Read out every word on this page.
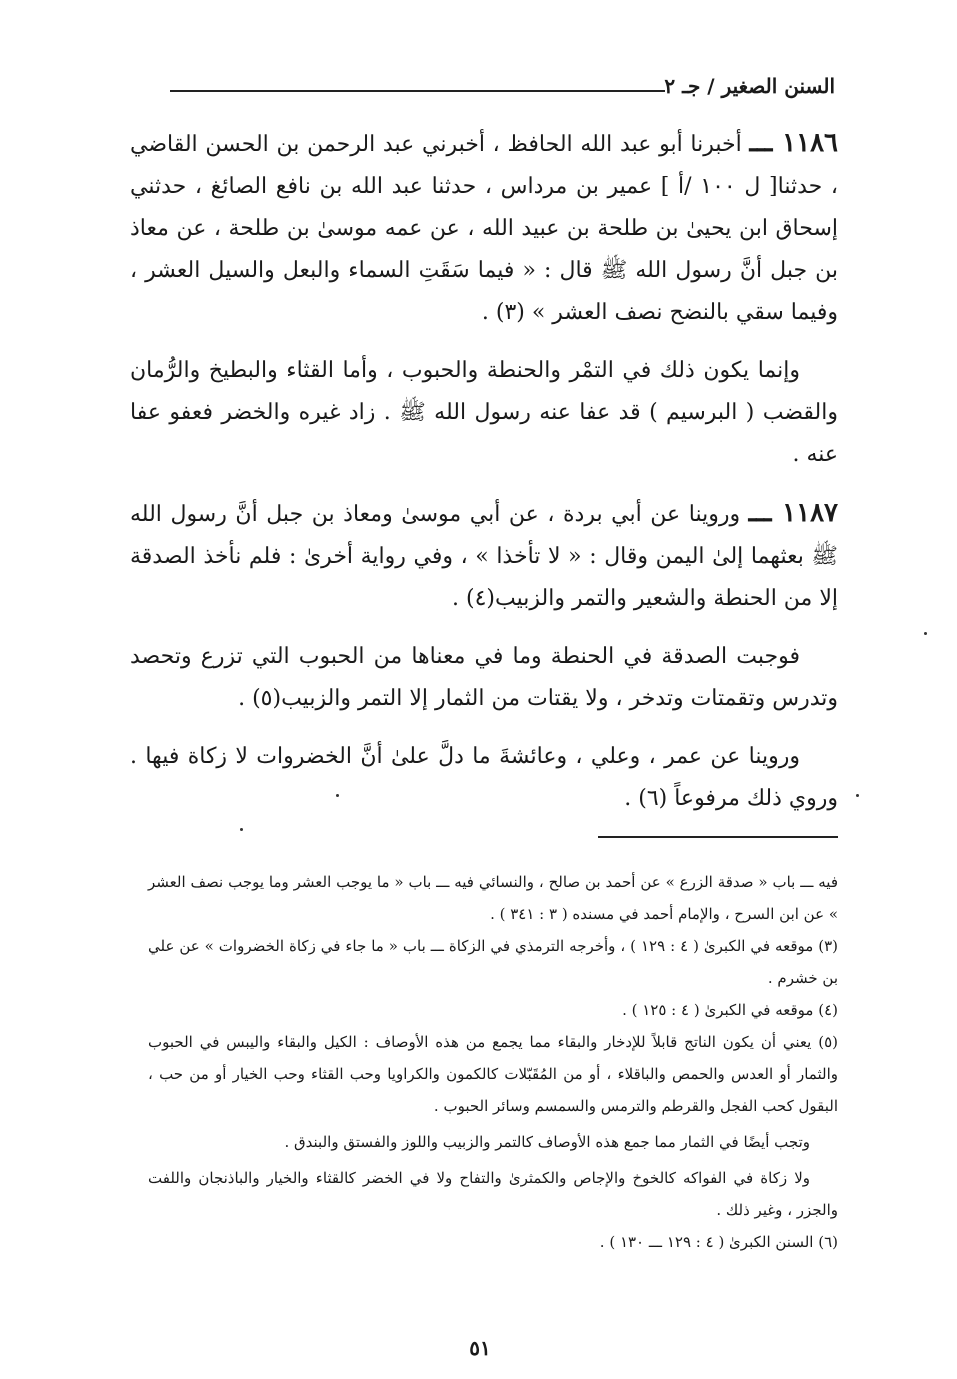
السنن الصغير / جـ ٢

١١٨٦ ـــ أخبرنا أبو عبد الله الحافظ ، أخبرني عبد الرحمن بن الحسن القاضي ، حدثنا[ ل ١٠٠ /أ ] عمير بن مرداس ، حدثنا عبد الله بن نافع الصائغ ، حدثني إسحاق ابن يحيىٰ بن طلحة بن عبيد الله ، عن عمه موسىٰ بن طلحة ، عن معاذ بن جبل أنَّ رسول الله ﷺ قال : « فيما سَقَتِ السماء والبعل والسيل العشر ، وفيما سقي بالنضح نصف العشر » (٣) .

وإنما يكون ذلك في التمْر والحنطة والحبوب ، وأما القثاء والبطيخ والرُّمان والقضب ( البرسيم ) قد عفا عنه رسول الله ﷺ . زاد غيره والخضر فعفو عفا عنه .

١١٨٧ ـــ وروينا عن أبي بردة ، عن أبي موسىٰ ومعاذ بن جبل أنَّ رسول الله ﷺ بعثهما إلىٰ اليمن وقال : « لا تأخذا » ، وفي رواية أخرىٰ : فلم نأخذ الصدقة إلا من الحنطة والشعير والتمر والزبيب(٤) .

فوجبت الصدقة في الحنطة وما في معناها من الحبوب التي تزرع وتحصد وتدرس وتقمتات وتدخر ، ولا يقتات من الثمار إلا التمر والزبيب(٥) .

وروينا عن عمر ، وعلي ، وعائشةَ ما دلَّ علىٰ أنَّ الخضروات لا زكاة فيها . وروي ذلك مرفوعاً (٦) .

فيه ـــ باب « صدقة الزرع » عن أحمد بن صالح ، والنسائي فيه ـــ باب « ما يوجب العشر وما يوجب نصف العشر » عن ابن السرح ، والإمام أحمد في مسنده ( ٣ : ٣٤١ ) .

(٣) موقعه في الكبرىٰ ( ٤ : ١٢٩ ) ، وأخرجه الترمذي في الزكاة ـــ باب « ما جاء في زكاة الخضروات » عن علي بن خشرم .

(٤) موقعه في الكبرىٰ ( ٤ : ١٢٥ ) .

(٥) يعني أن يكون الناتج قابلاً للإدخار والبقاء مما يجمع من هذه الأوصاف : الكيل والبقاء واليبس في الحبوب والثمار أو العدس والحمص والباقلاء ، أو من المُقَبّلات كالكمون والكراويا وحب القثاء وحب الخيار أو من حب ، البقول كحب الفجل والقرطم والترمس والسمسم وسائر الحبوب .

وتجب أيضًا في الثمار مما جمع هذه الأوصاف كالتمر والزبيب واللوز والفستق والبندق .

ولا زكاة في الفواكه كالخوخ والإجاص والكمثرىٰ والتفاح ولا في الخضر كالقثاء والخيار والباذنجان واللفت والجزر ، وغير ذلك .

(٦) السنن الكبرىٰ ( ٤ : ١٢٩ ـــ ١٣٠ ) .

٥١
